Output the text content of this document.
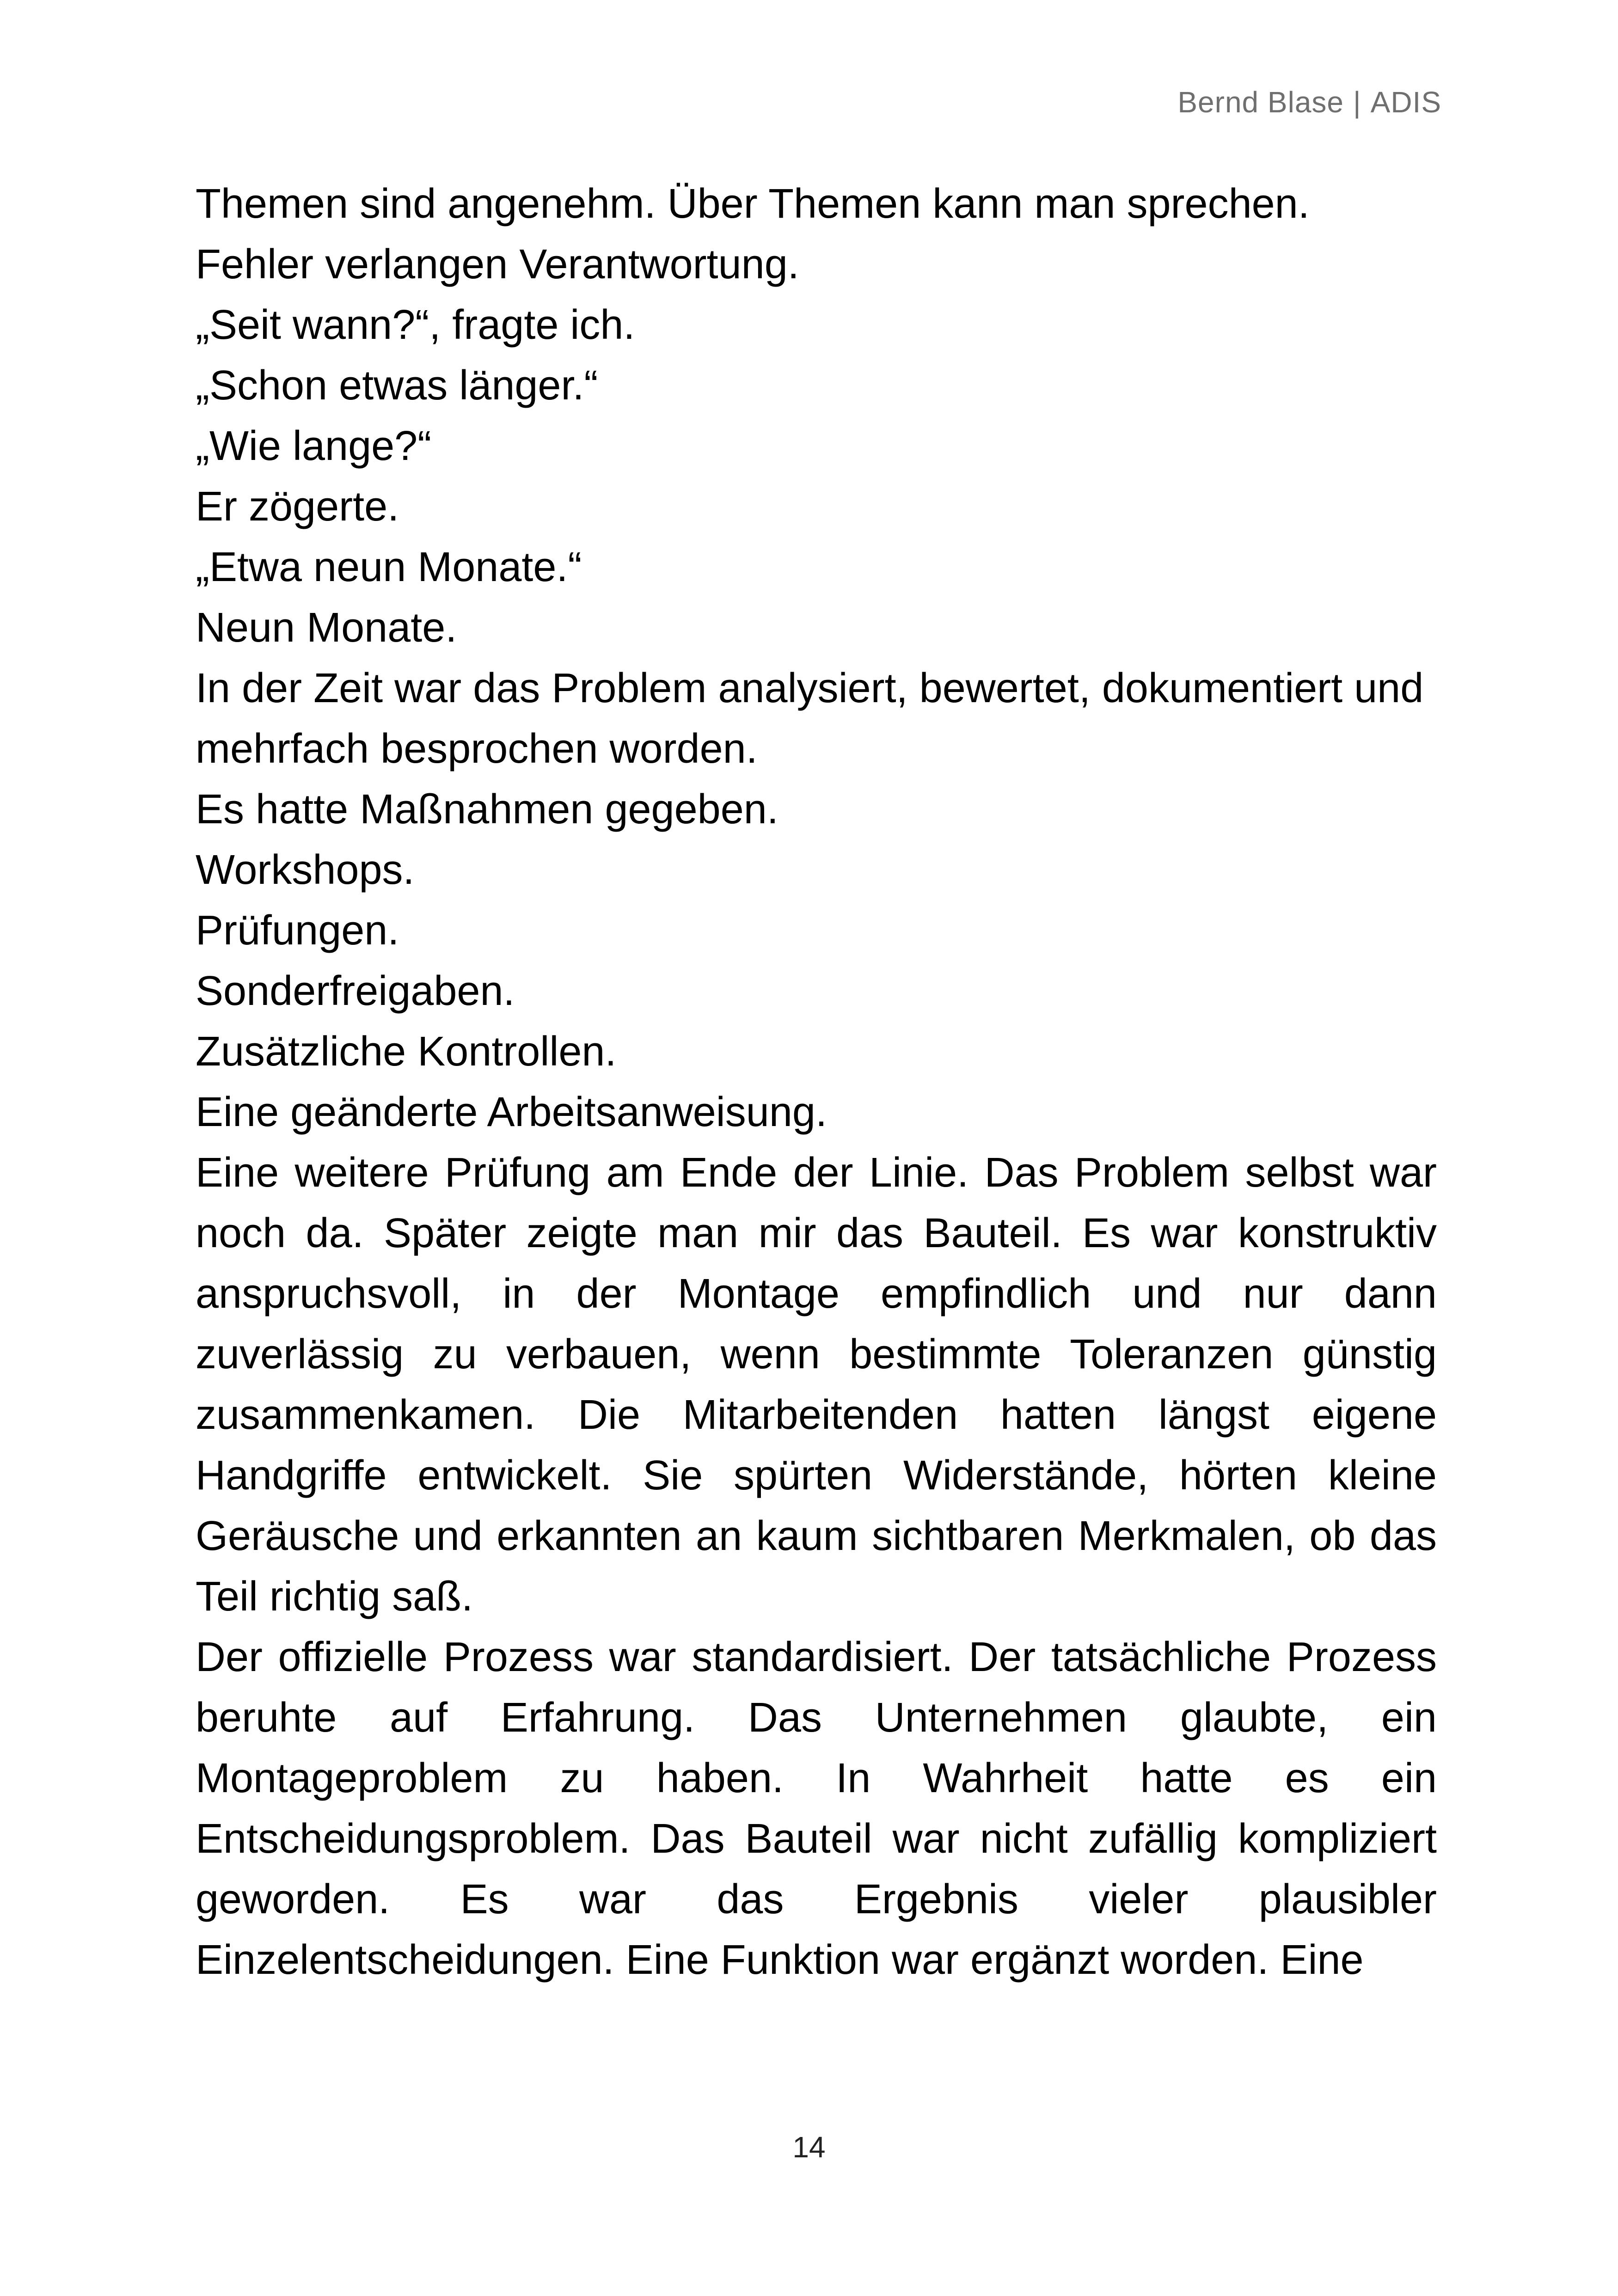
Bernd Blase | ADIS

Themen sind angenehm. Über Themen kann man sprechen. Fehler verlangen Verantwortung.

„Seit wann?“, fragte ich.

„Schon etwas länger.“

„Wie lange?“

Er zögerte.

„Etwa neun Monate.“

Neun Monate.

In der Zeit war das Problem analysiert, bewertet, dokumentiert und mehrfach besprochen worden.

Es hatte Maßnahmen gegeben.

Workshops.

Prüfungen.

Sonderfreigaben.

Zusätzliche Kontrollen.

Eine geänderte Arbeitsanweisung.

Eine weitere Prüfung am Ende der Linie. Das Problem selbst war noch da. Später zeigte man mir das Bauteil. Es war konstruktiv anspruchsvoll, in der Montage empfindlich und nur dann zuverlässig zu verbauen, wenn bestimmte Toleranzen günstig zusammenkamen. Die Mitarbeitenden hatten längst eigene Handgriffe entwickelt. Sie spürten Widerstände, hörten kleine Geräusche und erkannten an kaum sichtbaren Merkmalen, ob das Teil richtig saß.

Der offizielle Prozess war standardisiert. Der tatsächliche Prozess beruhte auf Erfahrung. Das Unternehmen glaubte, ein Montageproblem zu haben. In Wahrheit hatte es ein Entscheidungsproblem. Das Bauteil war nicht zufällig kompliziert geworden. Es war das Ergebnis vieler plausibler Einzelentscheidungen. Eine Funktion war ergänzt worden. Eine

14
